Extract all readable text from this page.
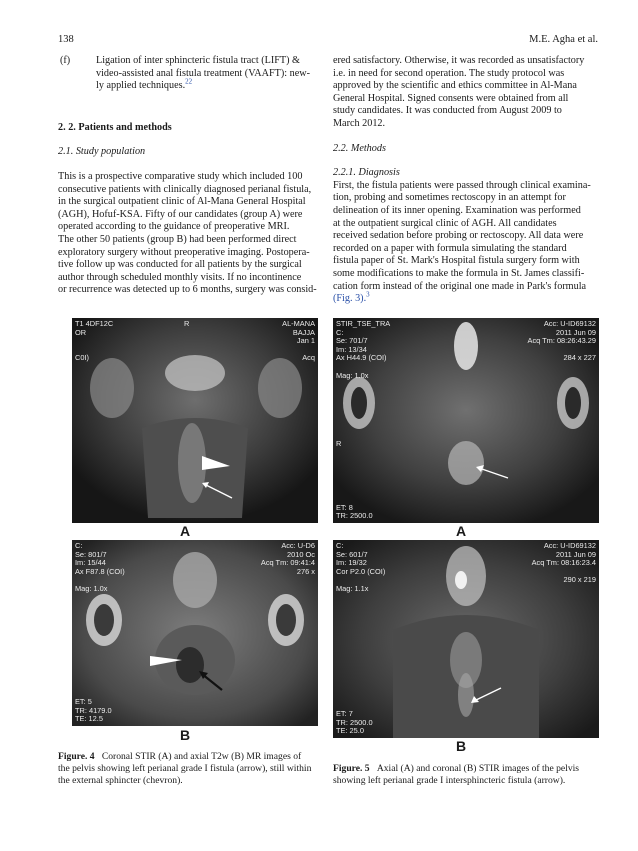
138	M.E. Agha et al.
(f)	Ligation of inter sphincteric fistula tract (LIFT) &
video-assisted anal fistula treatment (VAAFT): new-
ly applied techniques.$^{22}$
2. 2. Patients and methods
2.1. Study population
This is a prospective comparative study which included 100
consecutive patients with clinically diagnosed perianal fistula,
in the surgical outpatient clinic of Al-Mana General Hospital
(AGH), Hofuf-KSA. Fifty of our candidates (group A) were
operated according to the guidance of preoperative MRI.
The other 50 patients (group B) had been performed direct
exploratory surgery without preoperative imaging. Postopera-
tive follow up was conducted for all patients by the surgical
author through scheduled monthly visits. If no incontinence
or recurrence was detected up to 6 months, surgery was consid-
ered satisfactory. Otherwise, it was recorded as unsatisfactory
i.e. in need for second operation. The study protocol was
approved by the scientific and ethics committee in Al-Mana
General Hospital. Signed consents were obtained from all
study candidates. It was conducted from August 2009 to
March 2012.
2.2. Methods
2.2.1. Diagnosis
First, the fistula patients were passed through clinical examina-
tion, probing and sometimes rectoscopy in an attempt for
delineation of its inner opening. Examination was performed
at the outpatient surgical clinic of AGH. All candidates
received sedation before probing or rectoscopy. All data were
recorded on a paper with formula simulating the standard
fistula paper of St. Mark's Hospital fistula surgery form with
some modifications to make the formula in St. James classifi-
cation form instead of the original one made in Park's formula
(Fig. 3).$^3$
T1 4DF12C
OR

C0I)
R	AL-MANA
BAJJA
Jan 1

Acq
A
C:
Se: 801/7
Im: 15/44
Ax F87.8 (COI)

Mag: 1.0x
Acc: U-D6
2010 Oc
Acq Tm: 09:41:4
276 x
ET: 5
TR: 4179.0
TE: 12.5
B
STIR_TSE_TRA
C:
Se: 701/7
Im: 13/34
Ax H44.9 (COI)

Mag: 1.0x

R
Acc: U-ID69132
2011 Jun 09
Acq Tm: 08:26:43.29

284 x 227
ET: 8
TR: 2500.0
A
C:
Se: 601/7
Im: 19/32
Cor P2.0 (COI)

Mag: 1.1x
Acc: U-ID69132
2011 Jun 09
Acq Tm: 08:16:23.4

290 x 219
ET: 7
TR: 2500.0
TE: 25.0
B
Figure. 4 Coronal STIR (A) and axial T2w (B) MR images of
the pelvis showing left perianal grade I fistula (arrow), still within
the external sphincter (chevron).
Figure. 5 Axial (A) and coronal (B) STIR images of the pelvis
showing left perianal grade I intersphincteric fistula (arrow).
